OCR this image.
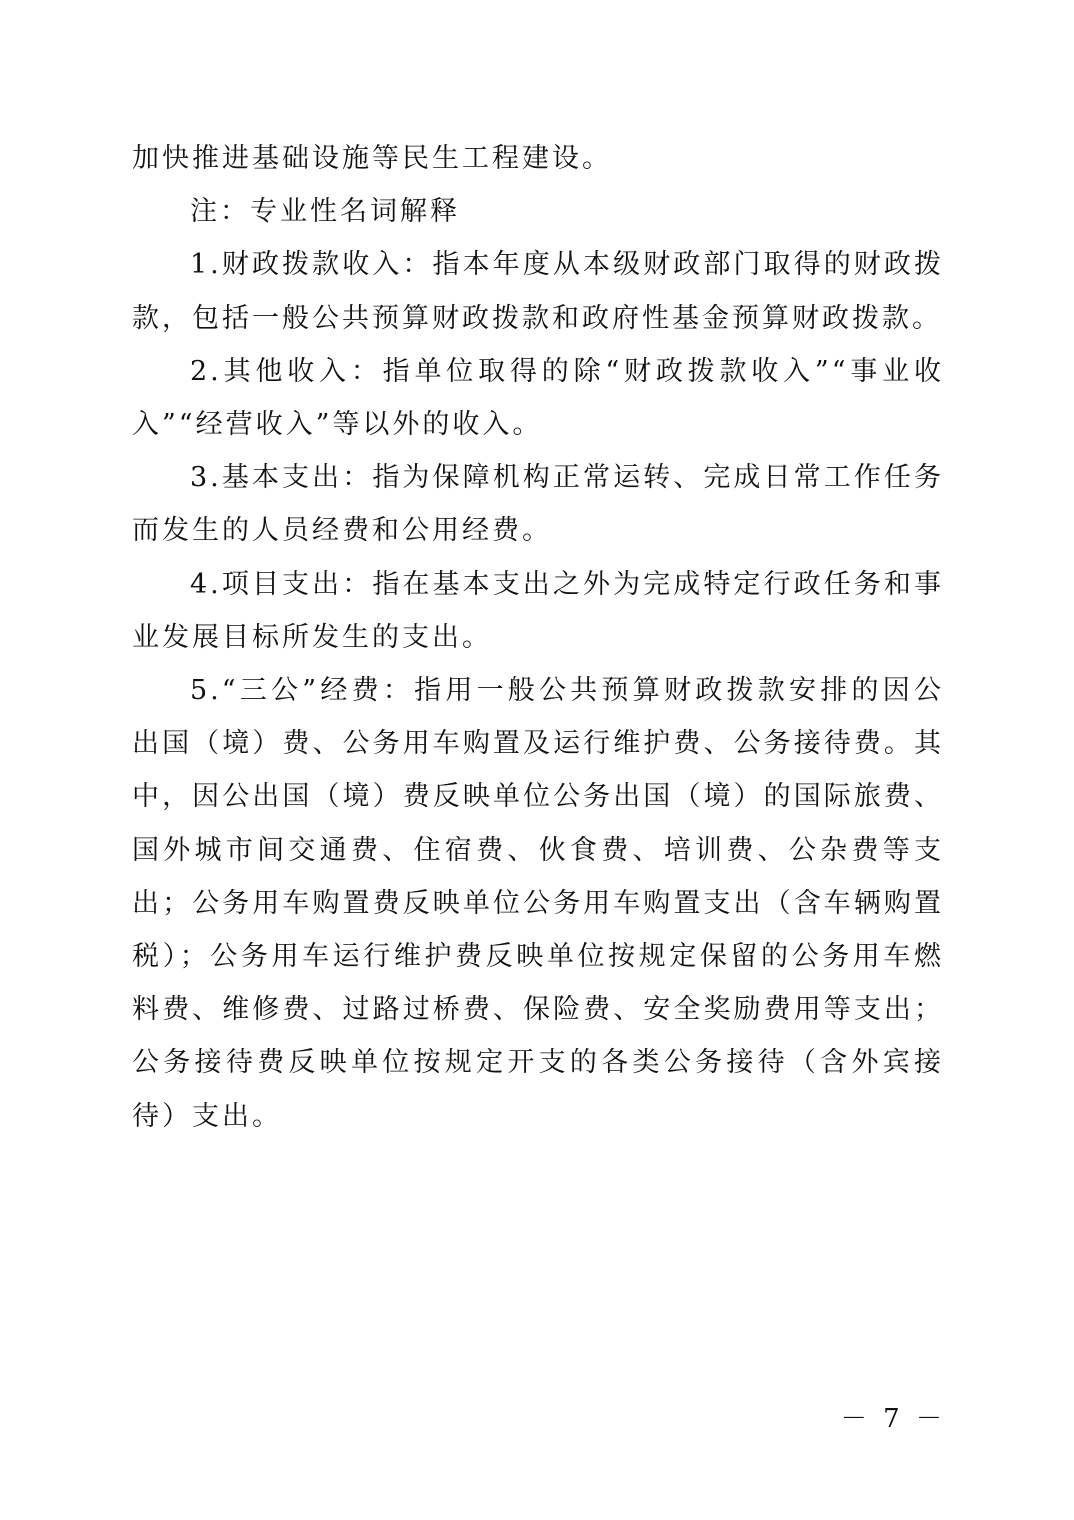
加快推进基础设施等民生工程建设。

注：专业性名词解释

1.财政拨款收入：指本年度从本级财政部门取得的财政拨款，包括一般公共预算财政拨款和政府性基金预算财政拨款。

2.其他收入：指单位取得的除“财政拨款收入”“事业收入”“经营收入”等以外的收入。

3.基本支出：指为保障机构正常运转、完成日常工作任务而发生的人员经费和公用经费。

4.项目支出：指在基本支出之外为完成特定行政任务和事业发展目标所发生的支出。

5.“三公”经费：指用一般公共预算财政拨款安排的因公出国（境）费、公务用车购置及运行维护费、公务接待费。其中，因公出国（境）费反映单位公务出国（境）的国际旅费、国外城市间交通费、住宿费、伙食费、培训费、公杂费等支出；公务用车购置费反映单位公务用车购置支出（含车辆购置税）；公务用车运行维护费反映单位按规定保留的公务用车燃料费、维修费、过路过桥费、保险费、安全奖励费用等支出；公务接待费反映单位按规定开支的各类公务接待（含外宾接待）支出。

－ 7 －
